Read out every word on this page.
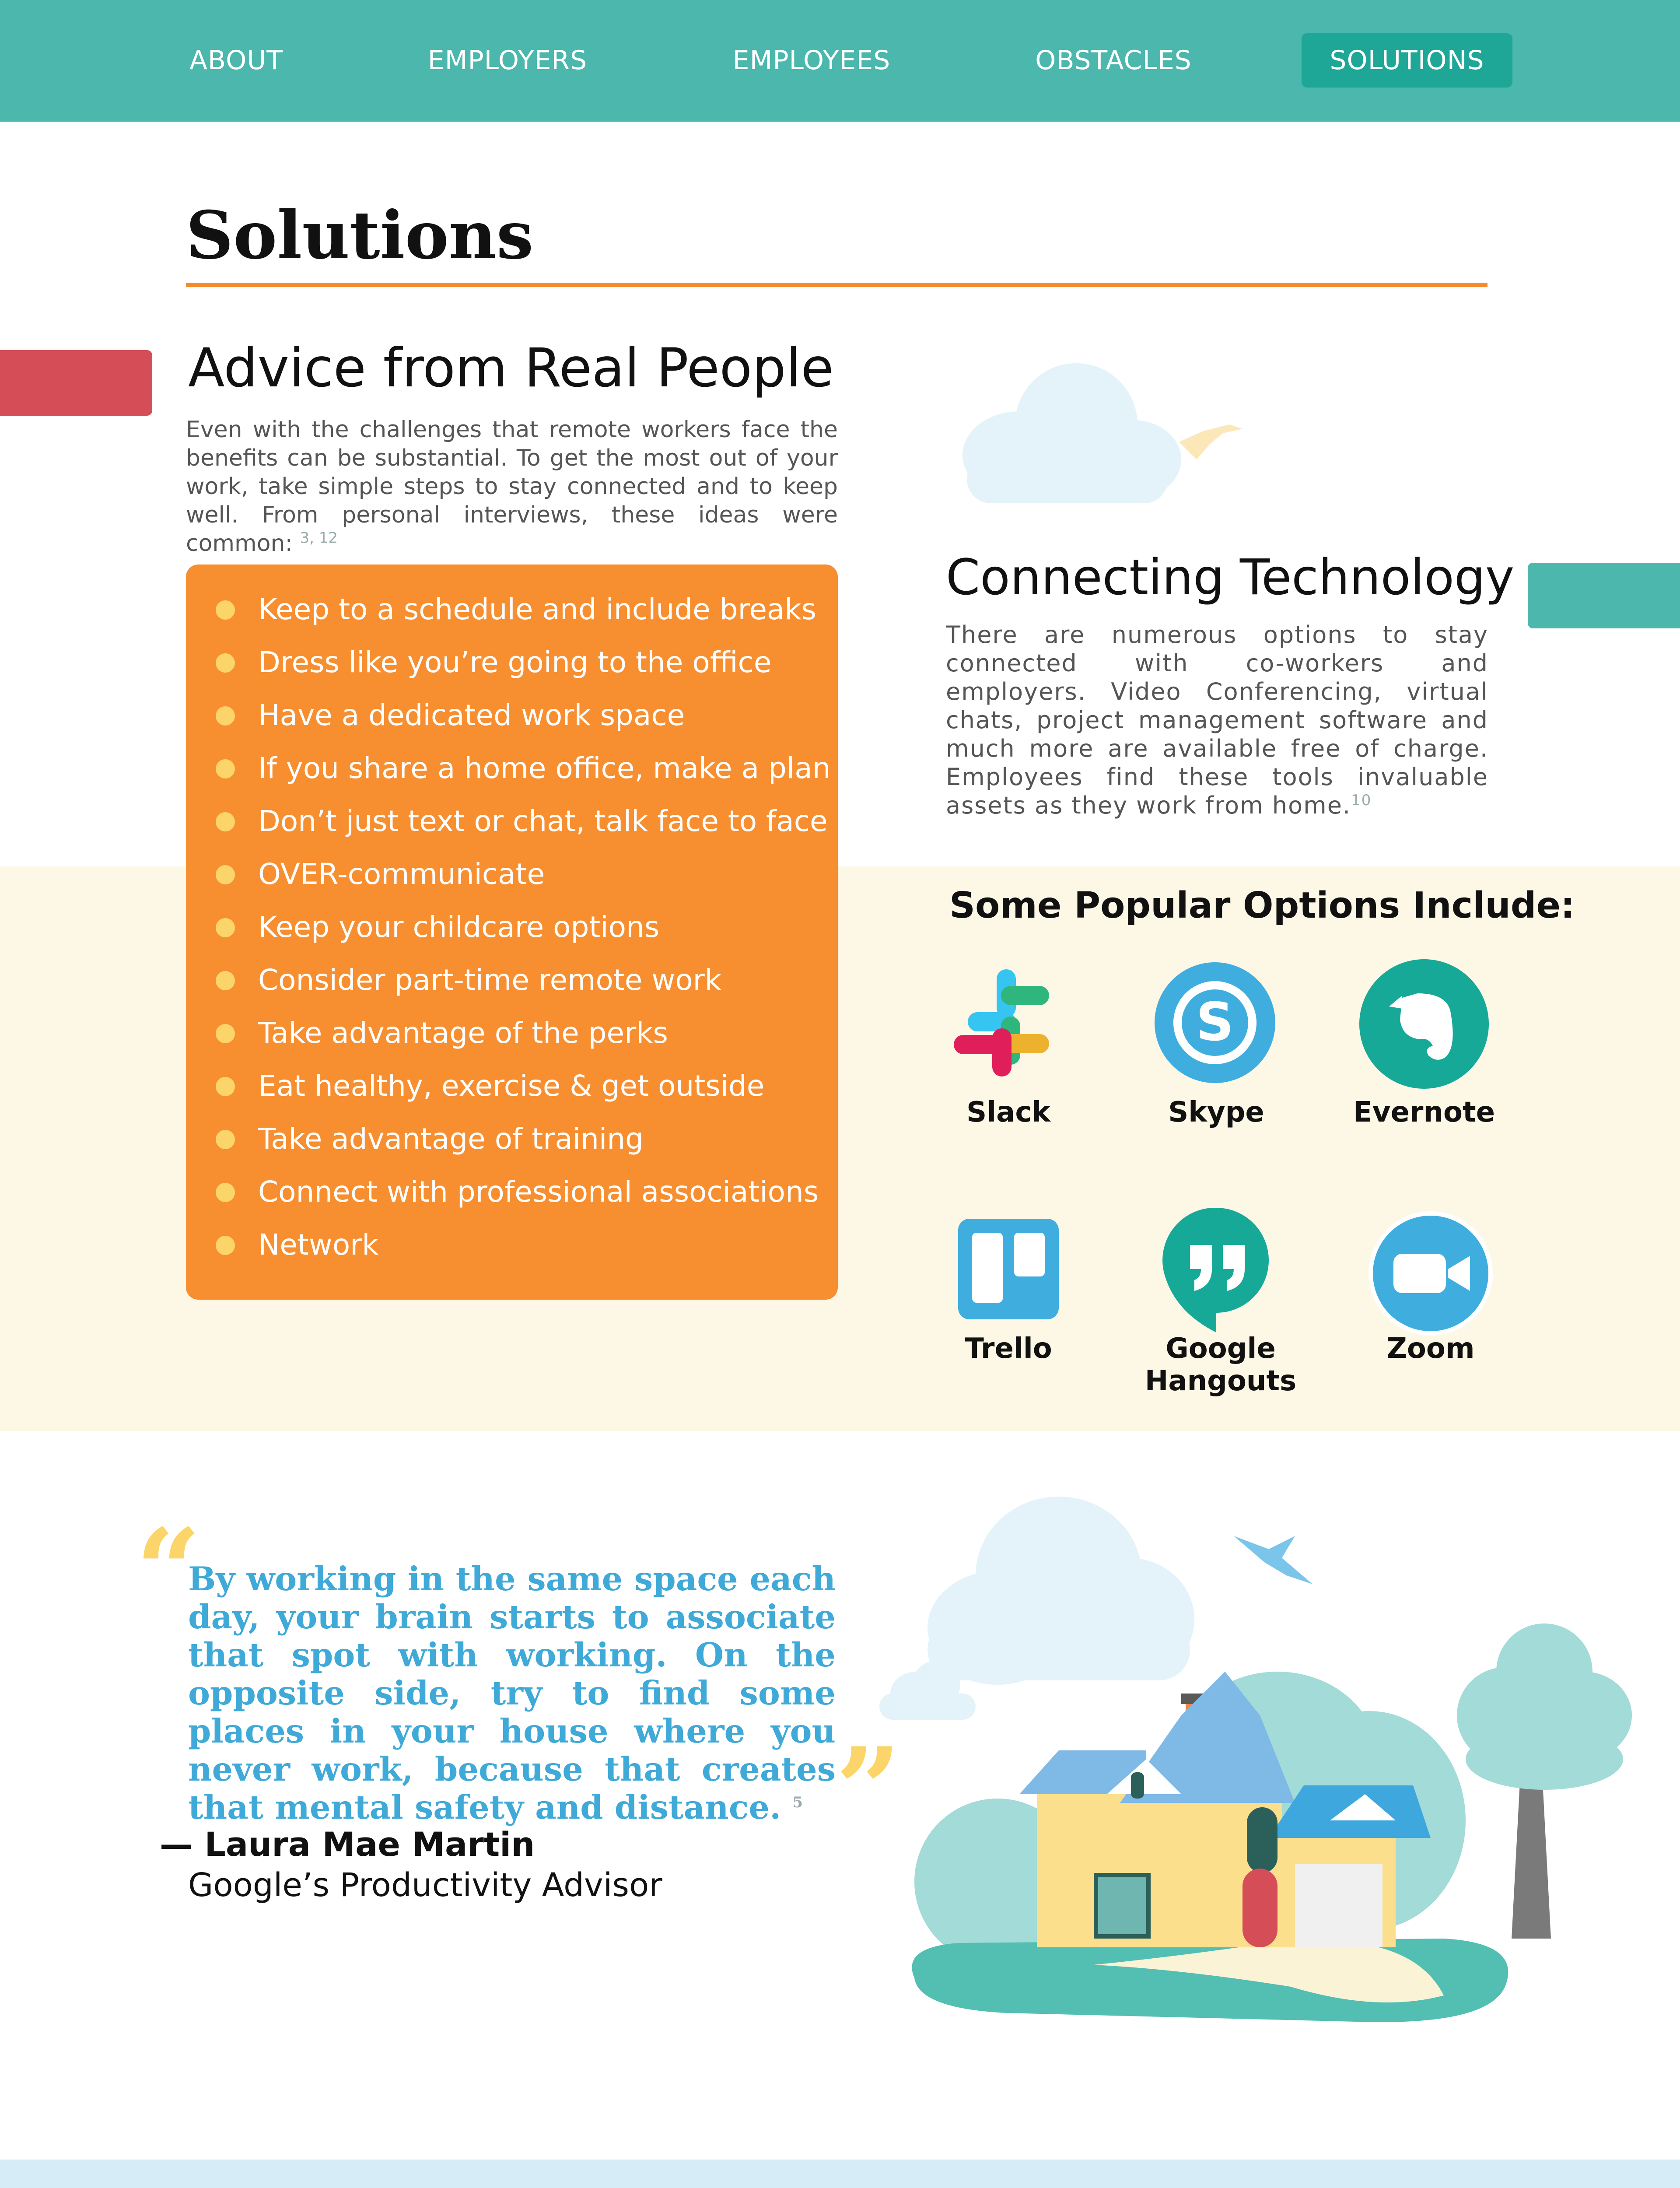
ABOUT	EMPLOYERS	EMPLOYEES	OBSTACLES	SOLUTIONS
Solutions
Advice from Real People
Even with the challenges that remote workers face the benefits can be substantial. To get the most out of your work, take simple steps to stay connected and to keep well. From personal interviews, these ideas were common: $^{3, 12}$
Keep to a schedule and include breaks
Dress like you’re going to the office
Have a dedicated work space
If you share a home office, make a plan
Don’t just text or chat, talk face to face
OVER-communicate
Keep your childcare options
Consider part-time remote work
Take advantage of the perks
Eat healthy, exercise & get outside
Take advantage of training
Connect with professional associations
Network
Connecting Technology
There are numerous options to stay connected with co-workers and employers. Video Conferencing, virtual chats, project management software and much more are available free of charge. Employees find these tools invaluable assets as they work from home.$^{10}$
Some Popular Options Include:
Slack
S
Skype	Evernote
Trello	Google Hangouts
Zoom
“
By working in the same space each day, your brain starts to associate that spot with working. On the opposite side, try to find some places in your house where you never work, because that creates that mental safety and distance. $^5$ ”
— Laura Mae Martin
Google’s Productivity Advisor
